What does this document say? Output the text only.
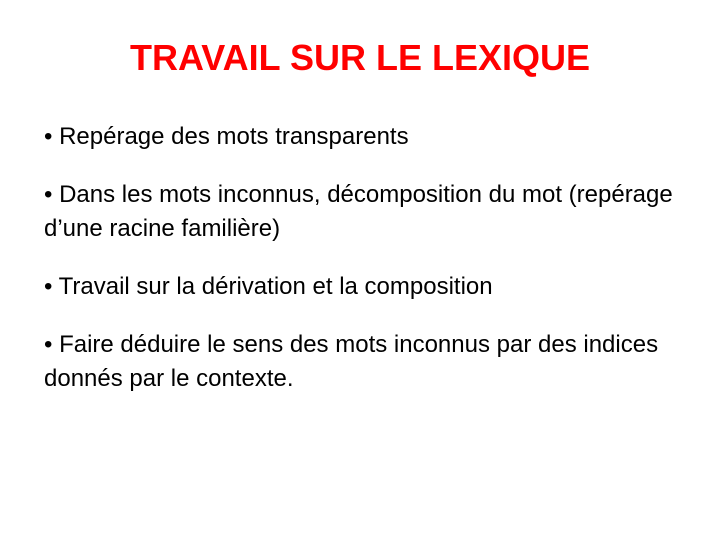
TRAVAIL SUR LE LEXIQUE
• Repérage des mots transparents
• Dans les mots inconnus, décomposition du mot (repérage d’une racine familière)
• Travail sur la dérivation et la composition
• Faire déduire le sens des mots inconnus par des indices donnés par le contexte.
